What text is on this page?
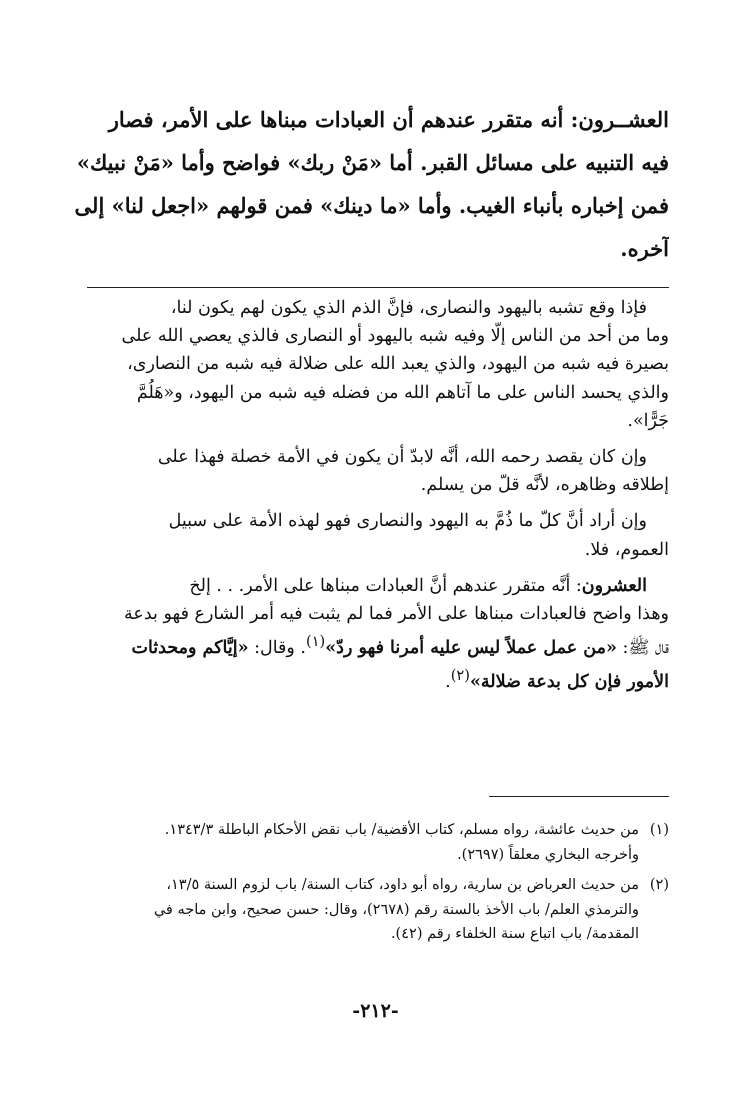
العشــرون: أنه متقرر عندهم أن العبادات مبناها على الأمر، فصار
فيه التنبيه على مسائل القبر. أما «مَنْ ربك» فواضح وأما «مَنْ نبيك»
فمن إخباره بأنباء الغيب. وأما «ما دينك» فمن قولهم «اجعل لنا» إلى
آخره.
فإذا وقع تشبه باليهود والنصارى، فإنَّ الذم الذي يكون لهم يكون لنا،
وما من أحد من الناس إلّا وفيه شبه باليهود أو النصارى فالذي يعصي الله على
بصيرة فيه شبه من اليهود، والذي يعبد الله على ضلالة فيه شبه من النصارى،
والذي يحسد الناس على ما آتاهم الله من فضله فيه شبه من اليهود، و«هَلُمَّ
جَرًّا».
وإن كان يقصد رحمه الله، أنَّه لابدّ أن يكون في الأمة خصلة فهذا على
إطلاقه وظاهره، لأنَّه قلّ من يسلم.
وإن أراد أنَّ كلّ ما ذُمَّ به اليهود والنصارى فهو لهذه الأمة على سبيل
العموم، فلا.
العشرون: أنَّه متقرر عندهم أنَّ العبادات مبناها على الأمر. . . إلخ
وهذا واضح فالعبادات مبناها على الأمر فما لم يثبت فيه أمر الشارع فهو بدعة
قال ﷺ: «من عمل عملاً ليس عليه أمرنا فهو ردّ»$^{(١)}$. وقال: «إيَّاكم ومحدثات
الأمور فإن كل بدعة ضلالة»$^{(٢)}$.
(١)من حديث عائشة، رواه مسلم، كتاب الأقضية/ باب نقض الأحكام الباطلة ١٣٤٣/٣.
وأخرجه البخاري معلقاً (٢٦٩٧).
(٢)من حديث العرباض بن سارية، رواه أبو داود، كتاب السنة/ باب لزوم السنة ١٣/٥،
والترمذي العلم/ باب الأخذ بالسنة رقم (٢٦٧٨)، وقال: حسن صحيح، وابن ماجه في
المقدمة/ باب اتباع سنة الخلفاء رقم (٤٢).
-٢١٢-
